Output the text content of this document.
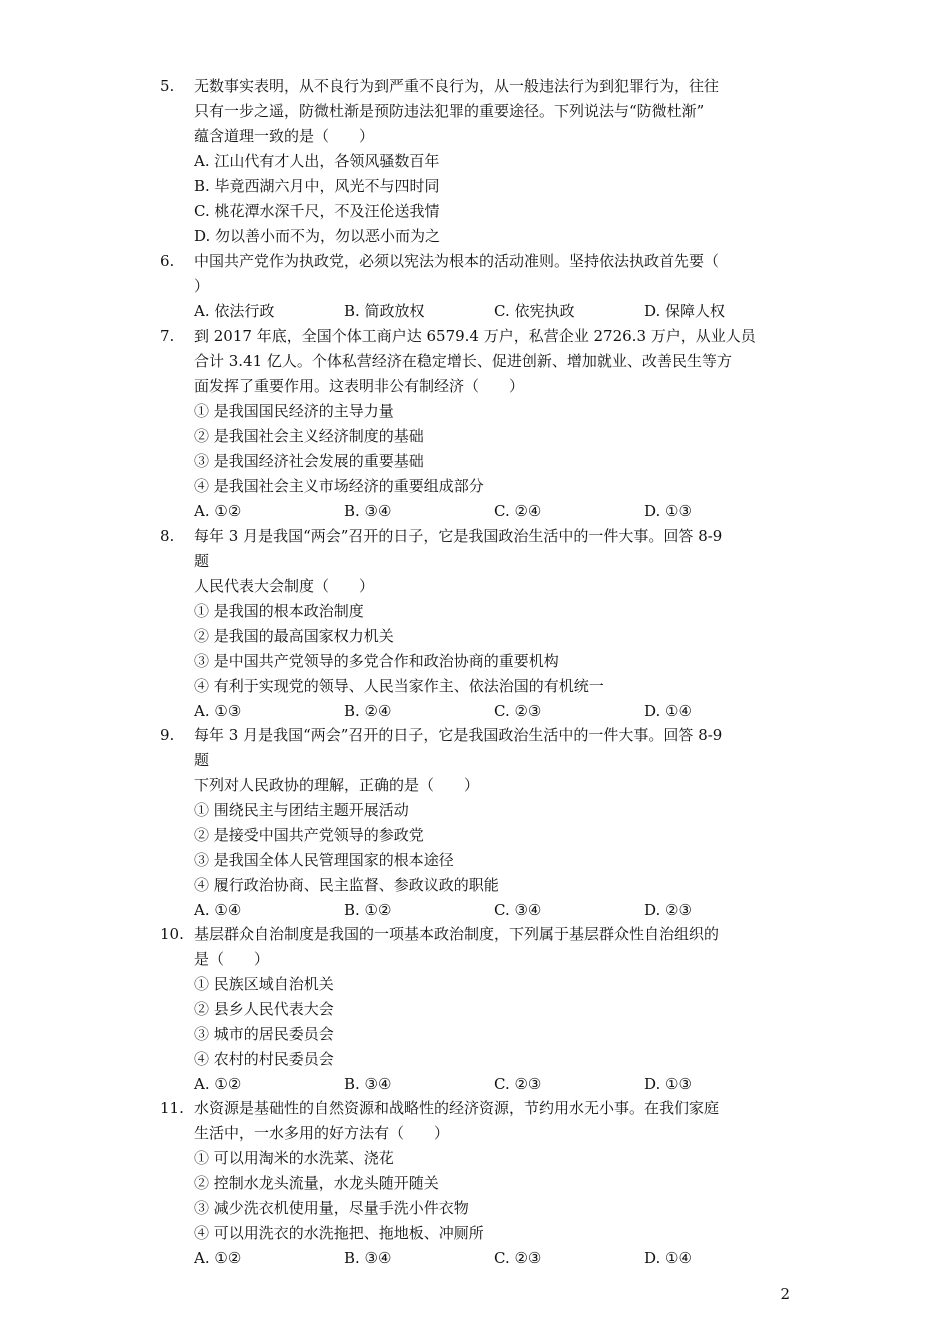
5. 无数事实表明，从不良行为到严重不良行为，从一般违法行为到犯罪行为，往往
只有一步之遥，防微杜渐是预防违法犯罪的重要途径。下列说法与“防微杜渐”
蕴含道理一致的是（　　）
A. 江山代有才人出，各领风骚数百年
B. 毕竟西湖六月中，风光不与四时同
C. 桃花潭水深千尺，不及汪伦送我情
D. 勿以善小而不为，勿以恶小而为之
6. 中国共产党作为执政党，必须以宪法为根本的活动准则。坚持依法执政首先要（
）
A. 依法行政	B. 简政放权	C. 依宪执政	D. 保障人权
7. 到 2017 年底，全国个体工商户达 6579.4 万户，私营企业 2726.3 万户，从业人员
合计 3.41 亿人。个体私营经济在稳定增长、促进创新、增加就业、改善民生等方
面发挥了重要作用。这表明非公有制经济（　　）
① 是我国国民经济的主导力量
② 是我国社会主义经济制度的基础
③ 是我国经济社会发展的重要基础
④ 是我国社会主义市场经济的重要组成部分
A. ①②	B. ③④	C. ②④	D. ①③
8. 每年 3 月是我国“两会”召开的日子，它是我国政治生活中的一件大事。回答 8-9
题
人民代表大会制度（　　）
① 是我国的根本政治制度
② 是我国的最高国家权力机关
③ 是中国共产党领导的多党合作和政治协商的重要机构
④ 有利于实现党的领导、人民当家作主、依法治国的有机统一
A. ①③	B. ②④	C. ②③	D. ①④
9. 每年 3 月是我国“两会”召开的日子，它是我国政治生活中的一件大事。回答 8-9
题
下列对人民政协的理解，正确的是（　　）
① 围绕民主与团结主题开展活动
② 是接受中国共产党领导的参政党
③ 是我国全体人民管理国家的根本途径
④ 履行政治协商、民主监督、参政议政的职能
A. ①④	B. ①②	C. ③④	D. ②③
10. 基层群众自治制度是我国的一项基本政治制度，下列属于基层群众性自治组织的
是（　　）
① 民族区域自治机关
② 县乡人民代表大会
③ 城市的居民委员会
④ 农村的村民委员会
A. ①②	B. ③④	C. ②③	D. ①③
11. 水资源是基础性的自然资源和战略性的经济资源，节约用水无小事。在我们家庭
生活中，一水多用的好方法有（　　）
① 可以用淘米的水洗菜、浇花
② 控制水龙头流量，水龙头随开随关
③ 减少洗衣机使用量，尽量手洗小件衣物
④ 可以用洗衣的水洗拖把、拖地板、冲厕所
A. ①②	B. ③④	C. ②③	D. ①④
2
